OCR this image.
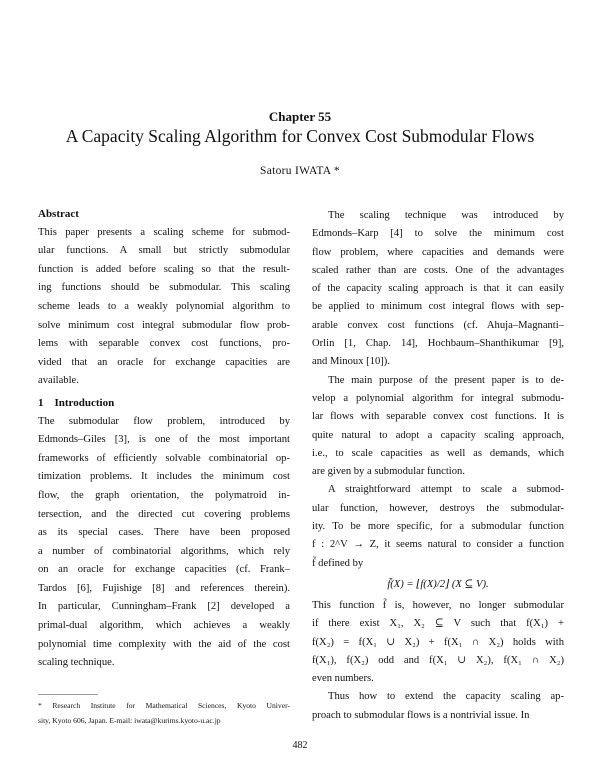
Chapter 55
A Capacity Scaling Algorithm for Convex Cost Submodular Flows
Satoru IWATA *
Abstract
This paper presents a scaling scheme for submod-
ular functions. A small but strictly submodular
function is added before scaling so that the result-
ing functions should be submodular. This scaling
scheme leads to a weakly polynomial algorithm to
solve minimum cost integral submodular flow prob-
lems with separable convex cost functions, pro-
vided that an oracle for exchange capacities are
available.
1    Introduction
The submodular flow problem, introduced by
Edmonds–Giles [3], is one of the most important
frameworks of efficiently solvable combinatorial op-
timization problems. It includes the minimum cost
flow, the graph orientation, the polymatroid in-
tersection, and the directed cut covering problems
as its special cases. There have been proposed
a number of combinatorial algorithms, which rely
on an oracle for exchange capacities (cf. Frank–
Tardos [6], Fujishige [8] and references therein).
In particular, Cunningham–Frank [2] developed a
primal-dual algorithm, which achieves a weakly
polynomial time complexity with the aid of the cost
scaling technique.
The scaling technique was introduced by
Edmonds–Karp [4] to solve the minimum cost
flow problem, where capacities and demands were
scaled rather than are costs. One of the advantages
of the capacity scaling approach is that it can easily
be applied to minimum cost integral flows with sep-
arable convex cost functions (cf. Ahuja–Magnanti–
Orlin [1, Chap. 14], Hochbaum–Shanthikumar [9],
and Minoux [10]).
The main purpose of the present paper is to de-
velop a polynomial algorithm for integral submodu-
lar flows with separable convex cost functions. It is
quite natural to adopt a capacity scaling approach,
i.e., to scale capacities as well as demands, which
are given by a submodular function.
A straightforward attempt to scale a submod-
ular function, however, destroys the submodular-
ity. To be more specific, for a submodular function
f : 2^V → Z, it seems natural to consider a function
f̃ defined by
f̃(X) = ⌊f(X)/2⌋ (X ⊆ V).
This function f̃ is, however, no longer submodular
if there exist X₁, X₂ ⊆ V such that f(X₁) +
f(X₂) = f(X₁ ∪ X₂) + f(X₁ ∩ X₂) holds with
f(X₁), f(X₂) odd and f(X₁ ∪ X₂), f(X₁ ∩ X₂)
even numbers.
Thus how to extend the capacity scaling ap-
proach to submodular flows is a nontrivial issue. In
* Research Institute for Mathematical Sciences, Kyoto Univer-
sity, Kyoto 606, Japan. E-mail: iwata@kurims.kyoto-u.ac.jp
482
